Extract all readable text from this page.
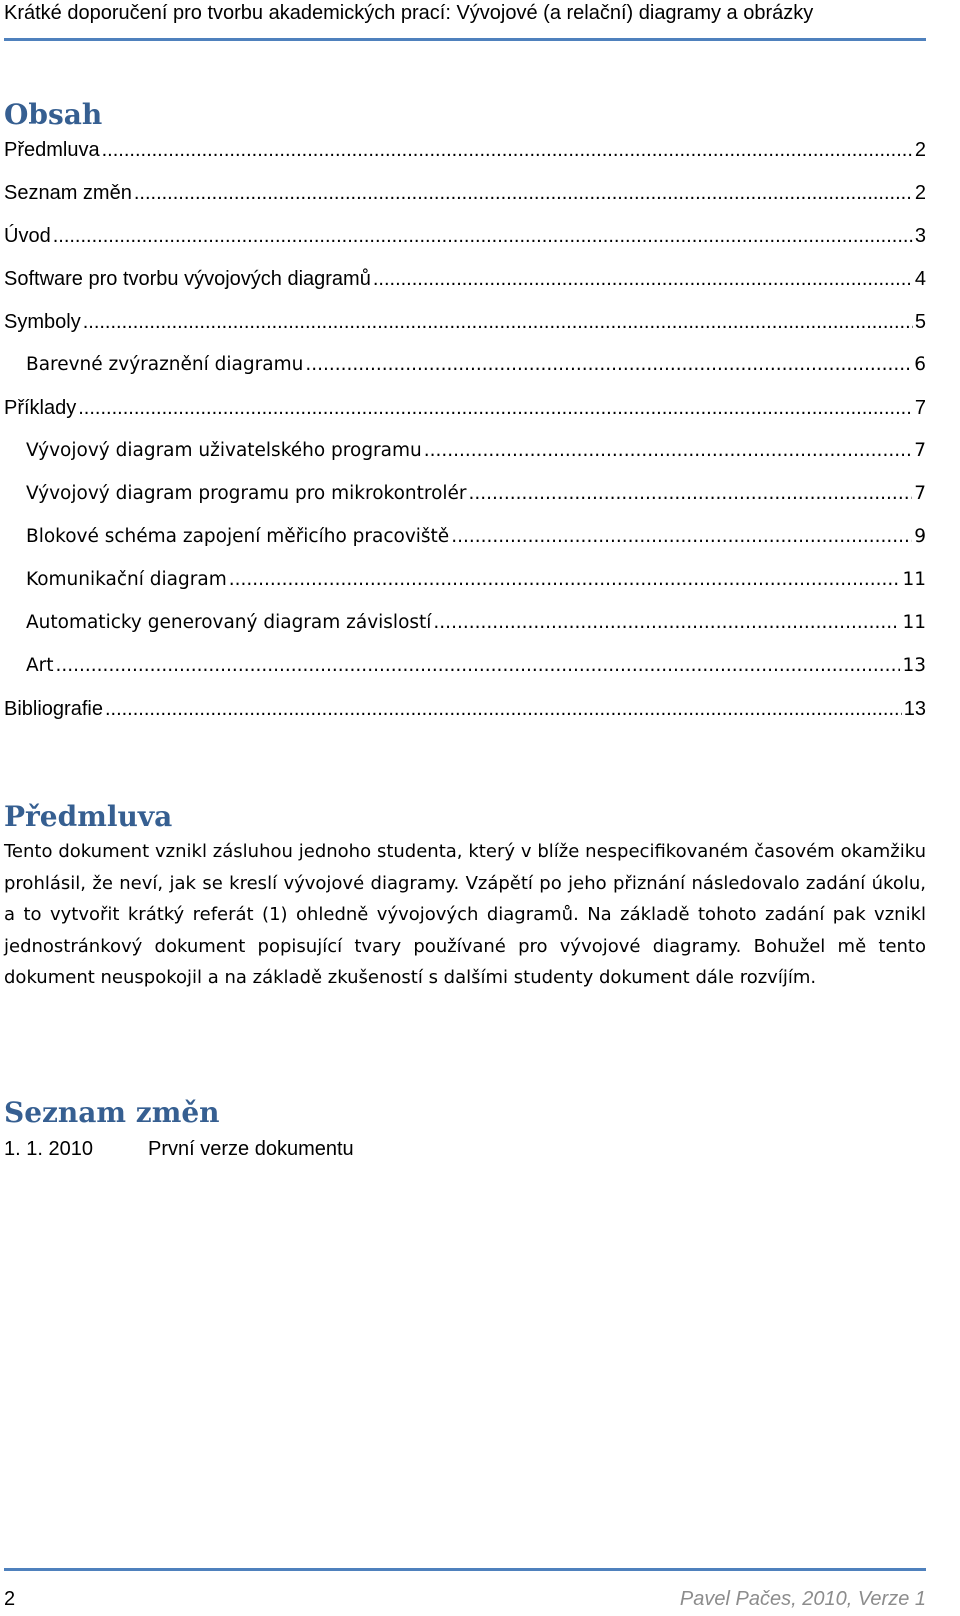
Krátké doporučení pro tvorbu akademických prací: Vývojové (a relační) diagramy a obrázky
Obsah
Předmluva .....	2
Seznam změn .....	2
Úvod .....	3
Software pro tvorbu vývojových diagramů .....	4
Symboly .....	5
Barevné zvýraznění diagramu .....	6
Příklady .....	7
Vývojový diagram uživatelského programu .....	7
Vývojový diagram programu pro mikrokontrolér .....	7
Blokové schéma zapojení měřicího pracoviště .....	9
Komunikační diagram .....	11
Automaticky generovaný diagram závislostí .....	11
Art .....	13
Bibliografie .....	13
Předmluva

Tento dokument vznikl zásluhou jednoho studenta, který v blíže nespecifikovaném časovém okamžiku prohlásil, že neví, jak se kreslí vývojové diagramy. Vzápětí po jeho přiznání následovalo zadání úkolu, a to vytvořit krátký referát (1) ohledně vývojových diagramů. Na základě tohoto zadání pak vznikl jednostránkový dokument popisující tvary používané pro vývojové diagramy. Bohužel mě tento dokument neuspokojil a na základě zkušeností s dalšími studenty dokument dále rozvíjím.

Seznam změn
1. 1. 2010	První verze dokumentu
2	Pavel Pačes, 2010, Verze 1
